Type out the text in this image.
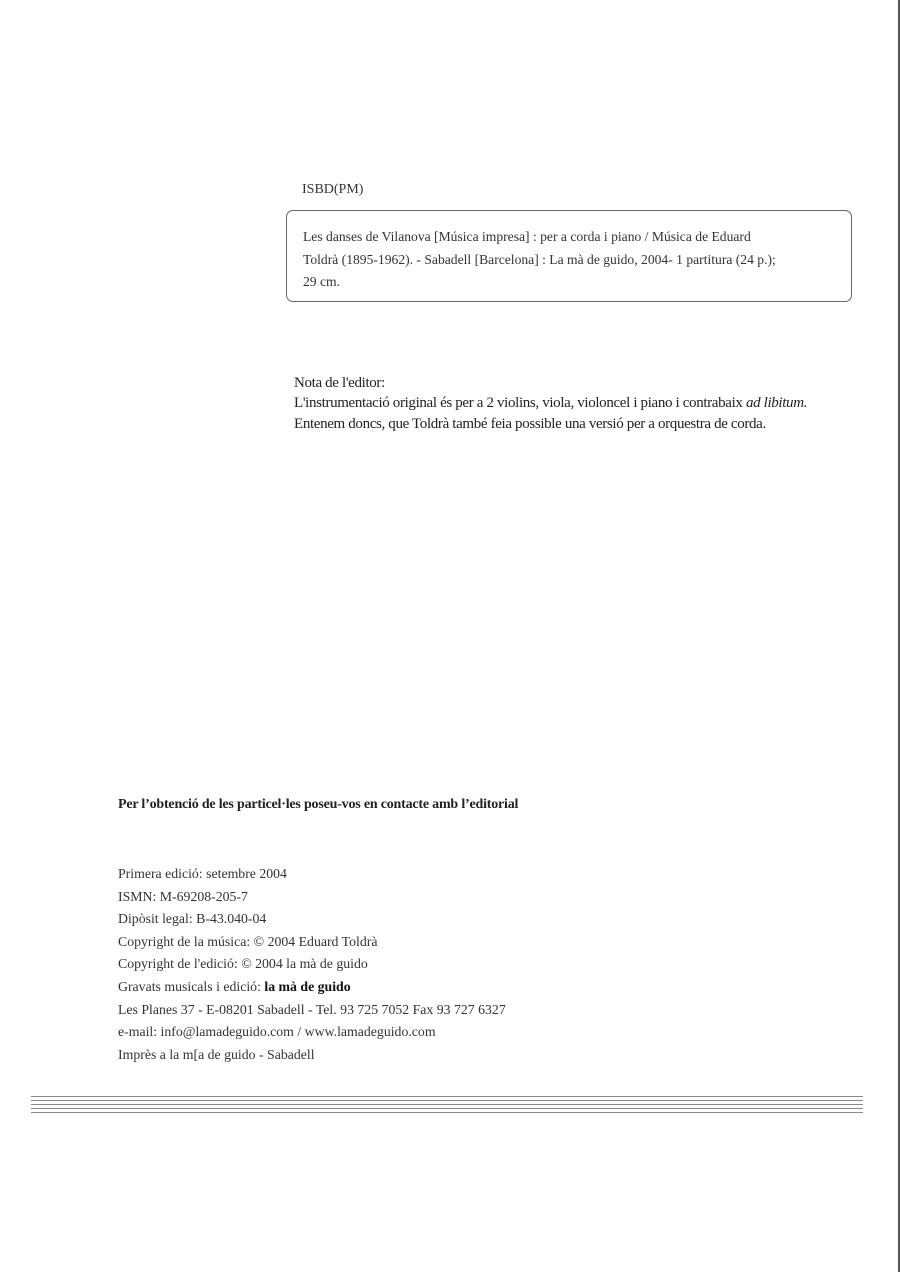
ISBD(PM)
Les danses de Vilanova [Música impresa] : per a corda i piano / Música de Eduard
Toldrà (1895-1962). - Sabadell [Barcelona] : La mà de guido, 2004- 1 partitura (24 p.);
29 cm.
Nota de l'editor:
L'instrumentació original és per a 2 violins, viola, violoncel i piano i contrabaix ad libitum. Entenem doncs, que Toldrà també feia possible una versió per a orquestra de corda.
Per l’obtenció de les particel·les poseu-vos en contacte amb l’editorial
Primera edició: setembre 2004
ISMN: M-69208-205-7
Dipòsit legal: B-43.040-04
Copyright de la música: © 2004 Eduard Toldrà
Copyright de l'edició: © 2004 la mà de guido
Gravats musicals i edició: la mà de guido
Les Planes 37 - E-08201 Sabadell - Tel. 93 725 7052 Fax 93 727 6327
e-mail: info@lamadeguido.com / www.lamadeguido.com
Imprès a la m[a de guido - Sabadell
